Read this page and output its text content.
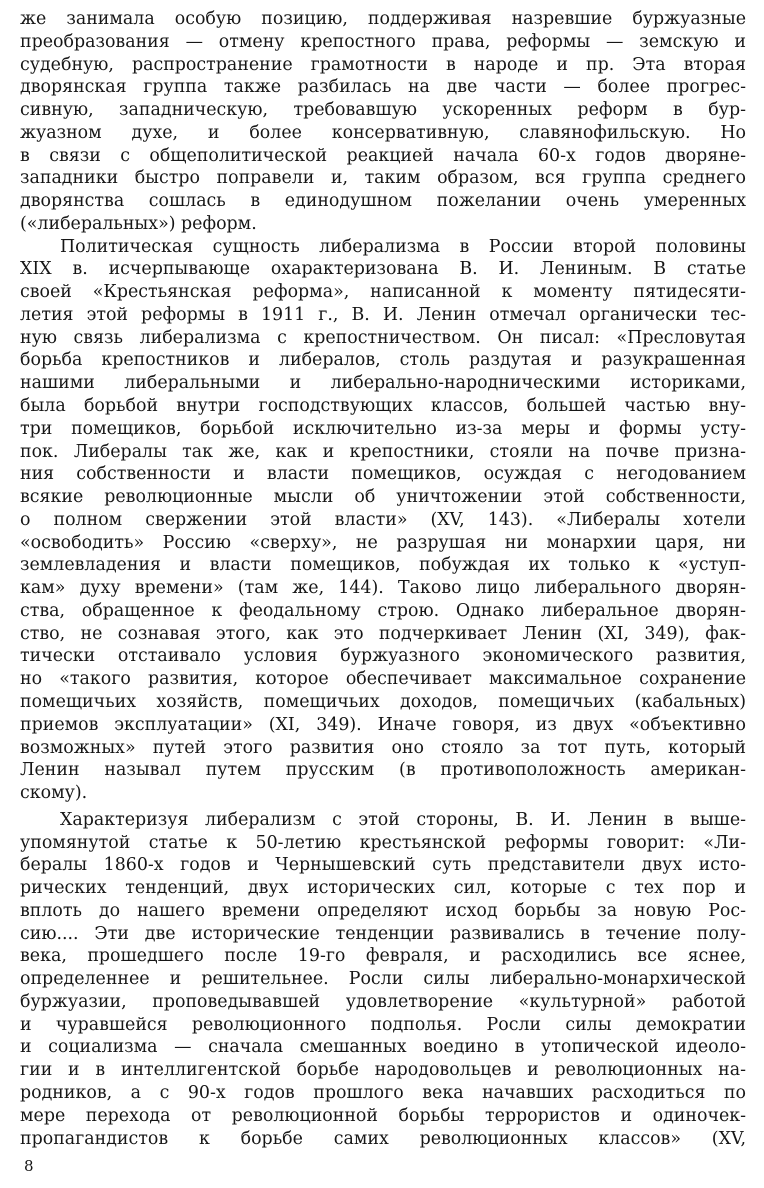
же занимала особую позицию, поддерживая назревшие буржуазные
преобразования — отмену крепостного права, реформы — земскую и
судебную, распространение грамотности в народе и пр. Эта вторая
дворянская группа также разбилась на две части — более прогрес-
сивную, западническую, требовавшую ускоренных реформ в бур-
жуазном духе, и более консервативную, славянофильскую. Но
в связи с общеполитической реакцией начала 60-х годов дворяне-
западники быстро поправели и, таким образом, вся группа среднего
дворянства сошлась в единодушном пожелании очень умеренных
(«либеральных») реформ.
Политическая сущность либерализма в России второй половины
XIX в. исчерпывающе охарактеризована В. И. Лениным. В статье
своей «Крестьянская реформа», написанной к моменту пятидесяти-
летия этой реформы в 1911 г., В. И. Ленин отмечал органически тес-
ную связь либерализма с крепостничеством. Он писал: «Пресловутая
борьба крепостников и либералов, столь раздутая и разукрашенная
нашими либеральными и либерально-народническими историками,
была борьбой внутри господствующих классов, большей частью вну-
три помещиков, борьбой исключительно из-за меры и формы усту-
пок. Либералы так же, как и крепостники, стояли на почве призна-
ния собственности и власти помещиков, осуждая с негодованием
всякие революционные мысли об уничтожении этой собственности,
о полном свержении этой власти» (XV, 143). «Либералы хотели
«освободить» Россию «сверху», не разрушая ни монархии царя, ни
землевладения и власти помещиков, побуждая их только к «уступ-
кам» духу времени» (там же, 144). Таково лицо либерального дворян-
ства, обращенное к феодальному строю. Однако либеральное дворян-
ство, не сознавая этого, как это подчеркивает Ленин (XI, 349), фак-
тически отстаивало условия буржуазного экономического развития,
но «такого развития, которое обеспечивает максимальное сохранение
помещичьих хозяйств, помещичьих доходов, помещичьих (кабальных)
приемов эксплуатации» (XI, 349). Иначе говоря, из двух «объективно
возможных» путей этого развития оно стояло за тот путь, который
Ленин называл путем прусским (в противоположность американ-
скому).
Характеризуя либерализм с этой стороны, В. И. Ленин в выше-
упомянутой статье к 50-летию крестьянской реформы говорит: «Ли-
бералы 1860-х годов и Чернышевский суть представители двух исто-
рических тенденций, двух исторических сил, которые с тех пор и
вплоть до нашего времени определяют исход борьбы за новую Рос-
сию.... Эти две исторические тенденции развивались в течение полу-
века, прошедшего после 19-го февраля, и расходились все яснее,
определеннее и решительнее. Росли силы либерально-монархической
буржуазии, проповедывавшей удовлетворение «культурной» работой
и чуравшейся революционного подполья. Росли силы демократии
и социализма — сначала смешанных воедино в утопической идеоло-
гии и в интеллигентской борьбе народовольцев и революционных на-
родников, а с 90-х годов прошлого века начавших расходиться по
мере перехода от революционной борьбы террористов и одиночек-
пропагандистов к борьбе самих революционных классов» (XV,
8
